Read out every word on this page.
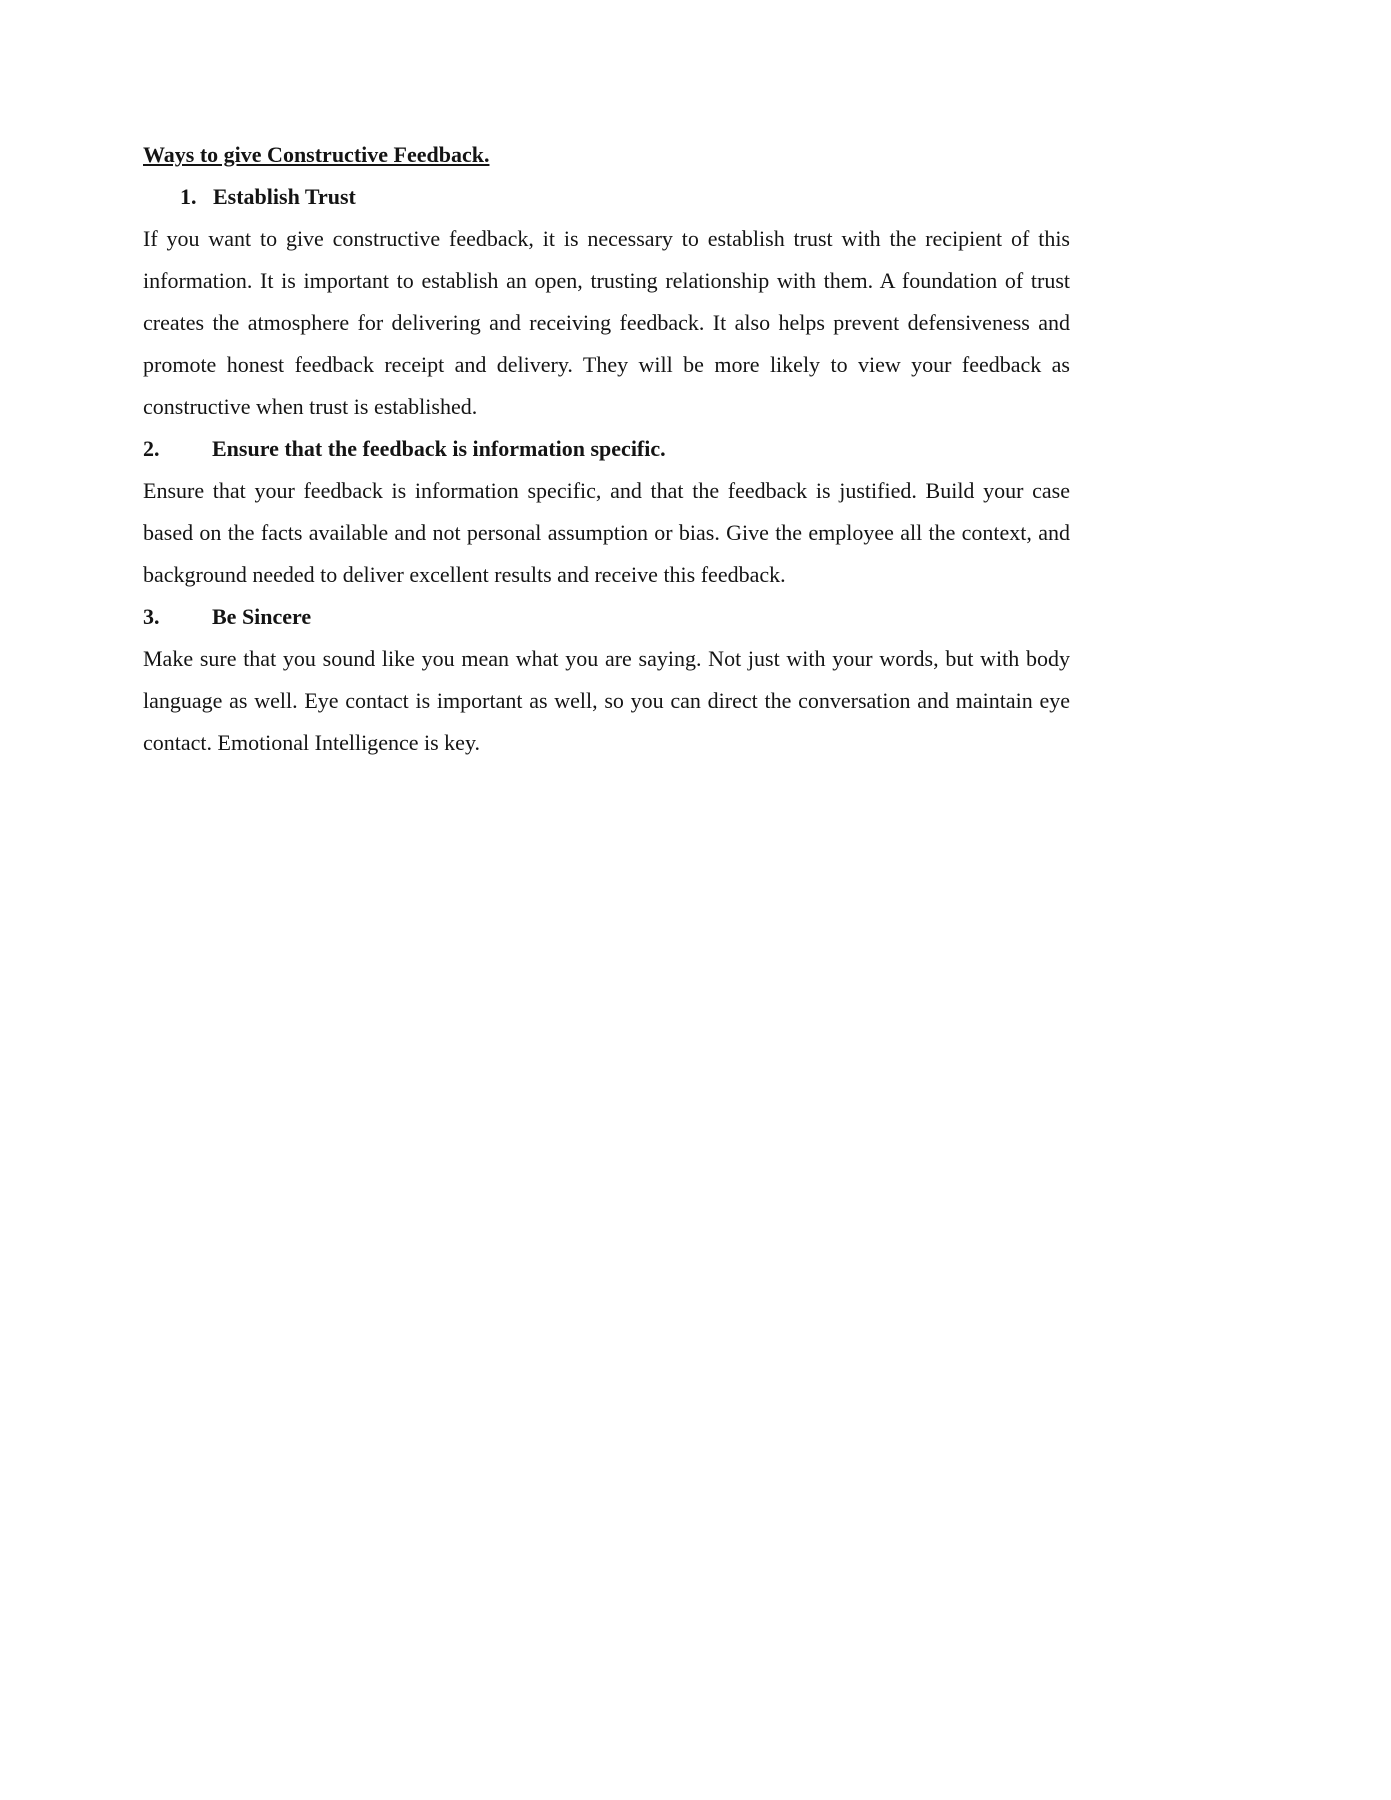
Ways to give Constructive Feedback.
1. Establish Trust

If you want to give constructive feedback, it is necessary to establish trust with the recipient of this information. It is important to establish an open, trusting relationship with them. A foundation of trust creates the atmosphere for delivering and receiving feedback. It also helps prevent defensiveness and promote honest feedback receipt and delivery. They will be more likely to view your feedback as constructive when trust is established.

2. Ensure that the feedback is information specific.

Ensure that your feedback is information specific, and that the feedback is justified. Build your case based on the facts available and not personal assumption or bias. Give the employee all the context, and background needed to deliver excellent results and receive this feedback.

3. Be Sincere

Make sure that you sound like you mean what you are saying. Not just with your words, but with body language as well. Eye contact is important as well, so you can direct the conversation and maintain eye contact. Emotional Intelligence is key.
